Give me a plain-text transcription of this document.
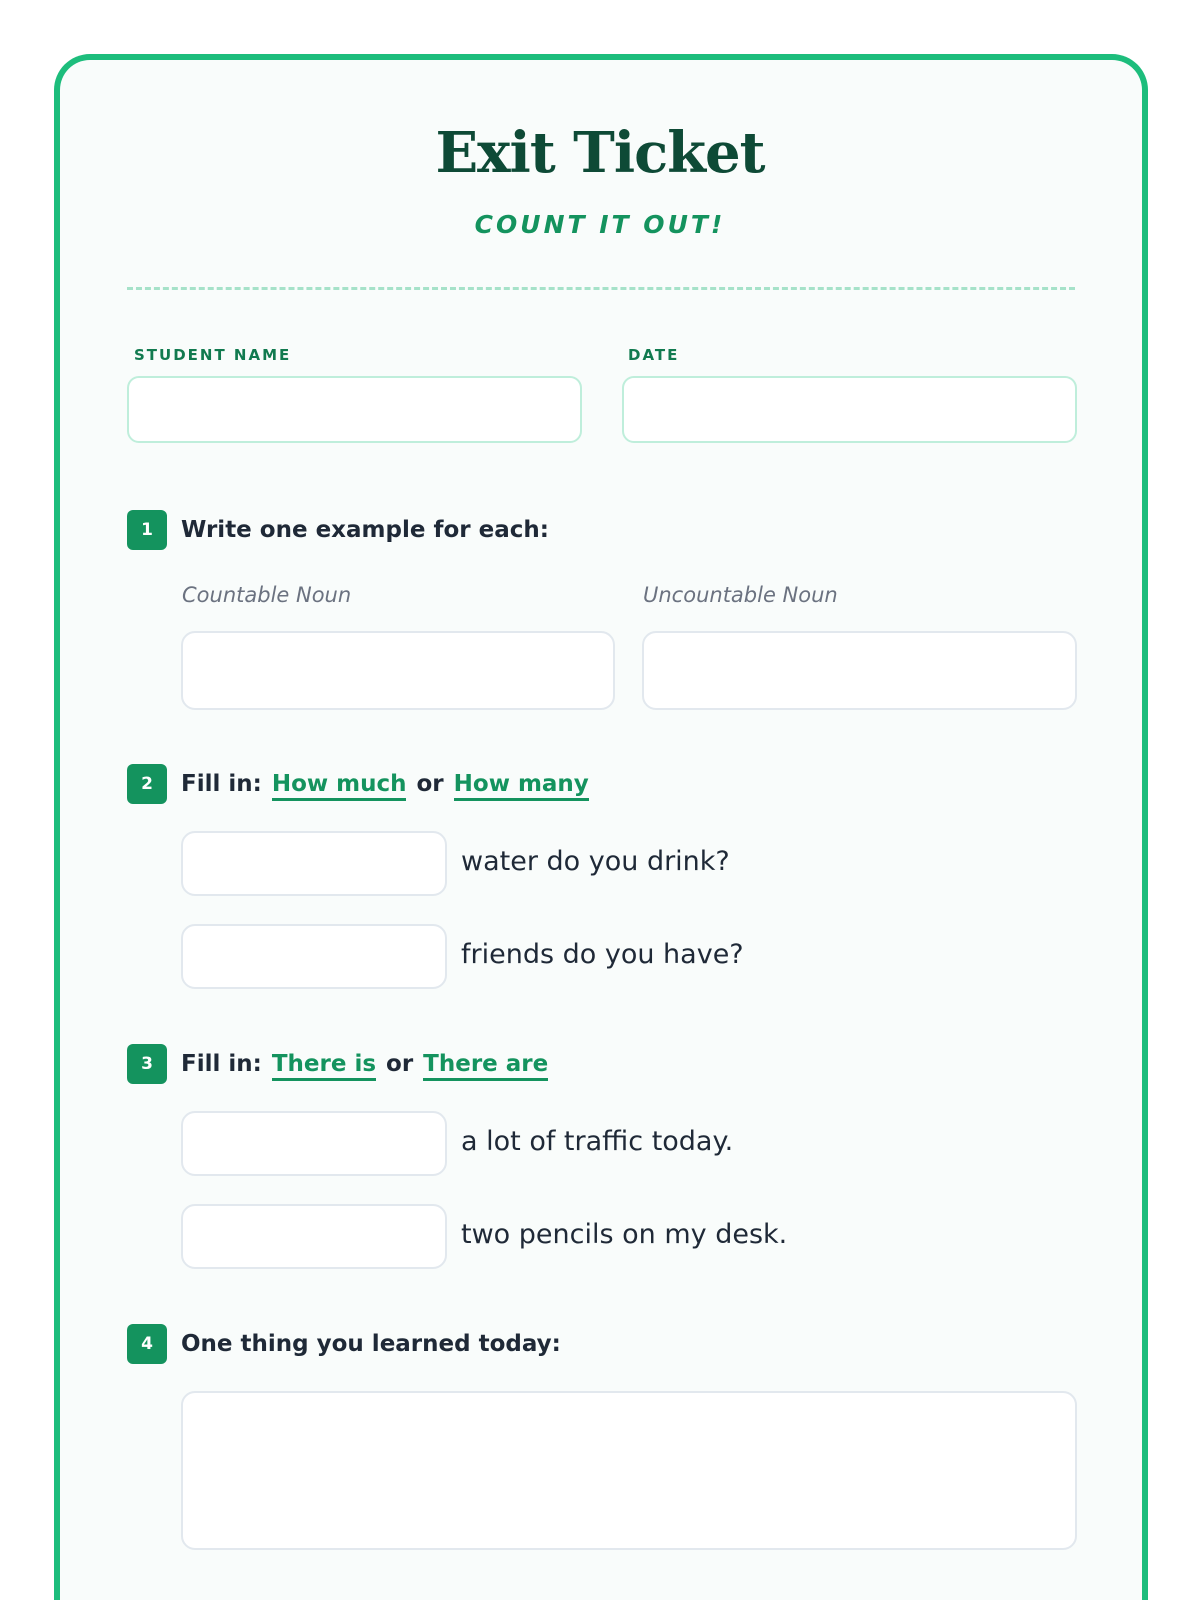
Exit Ticket
COUNT IT OUT!
STUDENT NAME	DATE
1	Write one example for each:
Countable Noun	Uncountable Noun
2	Fill in: How much or How many
water do you drink?
friends do you have?
3	Fill in: There is or There are
a lot of traffic today.
two pencils on my desk.
4	One thing you learned today:
